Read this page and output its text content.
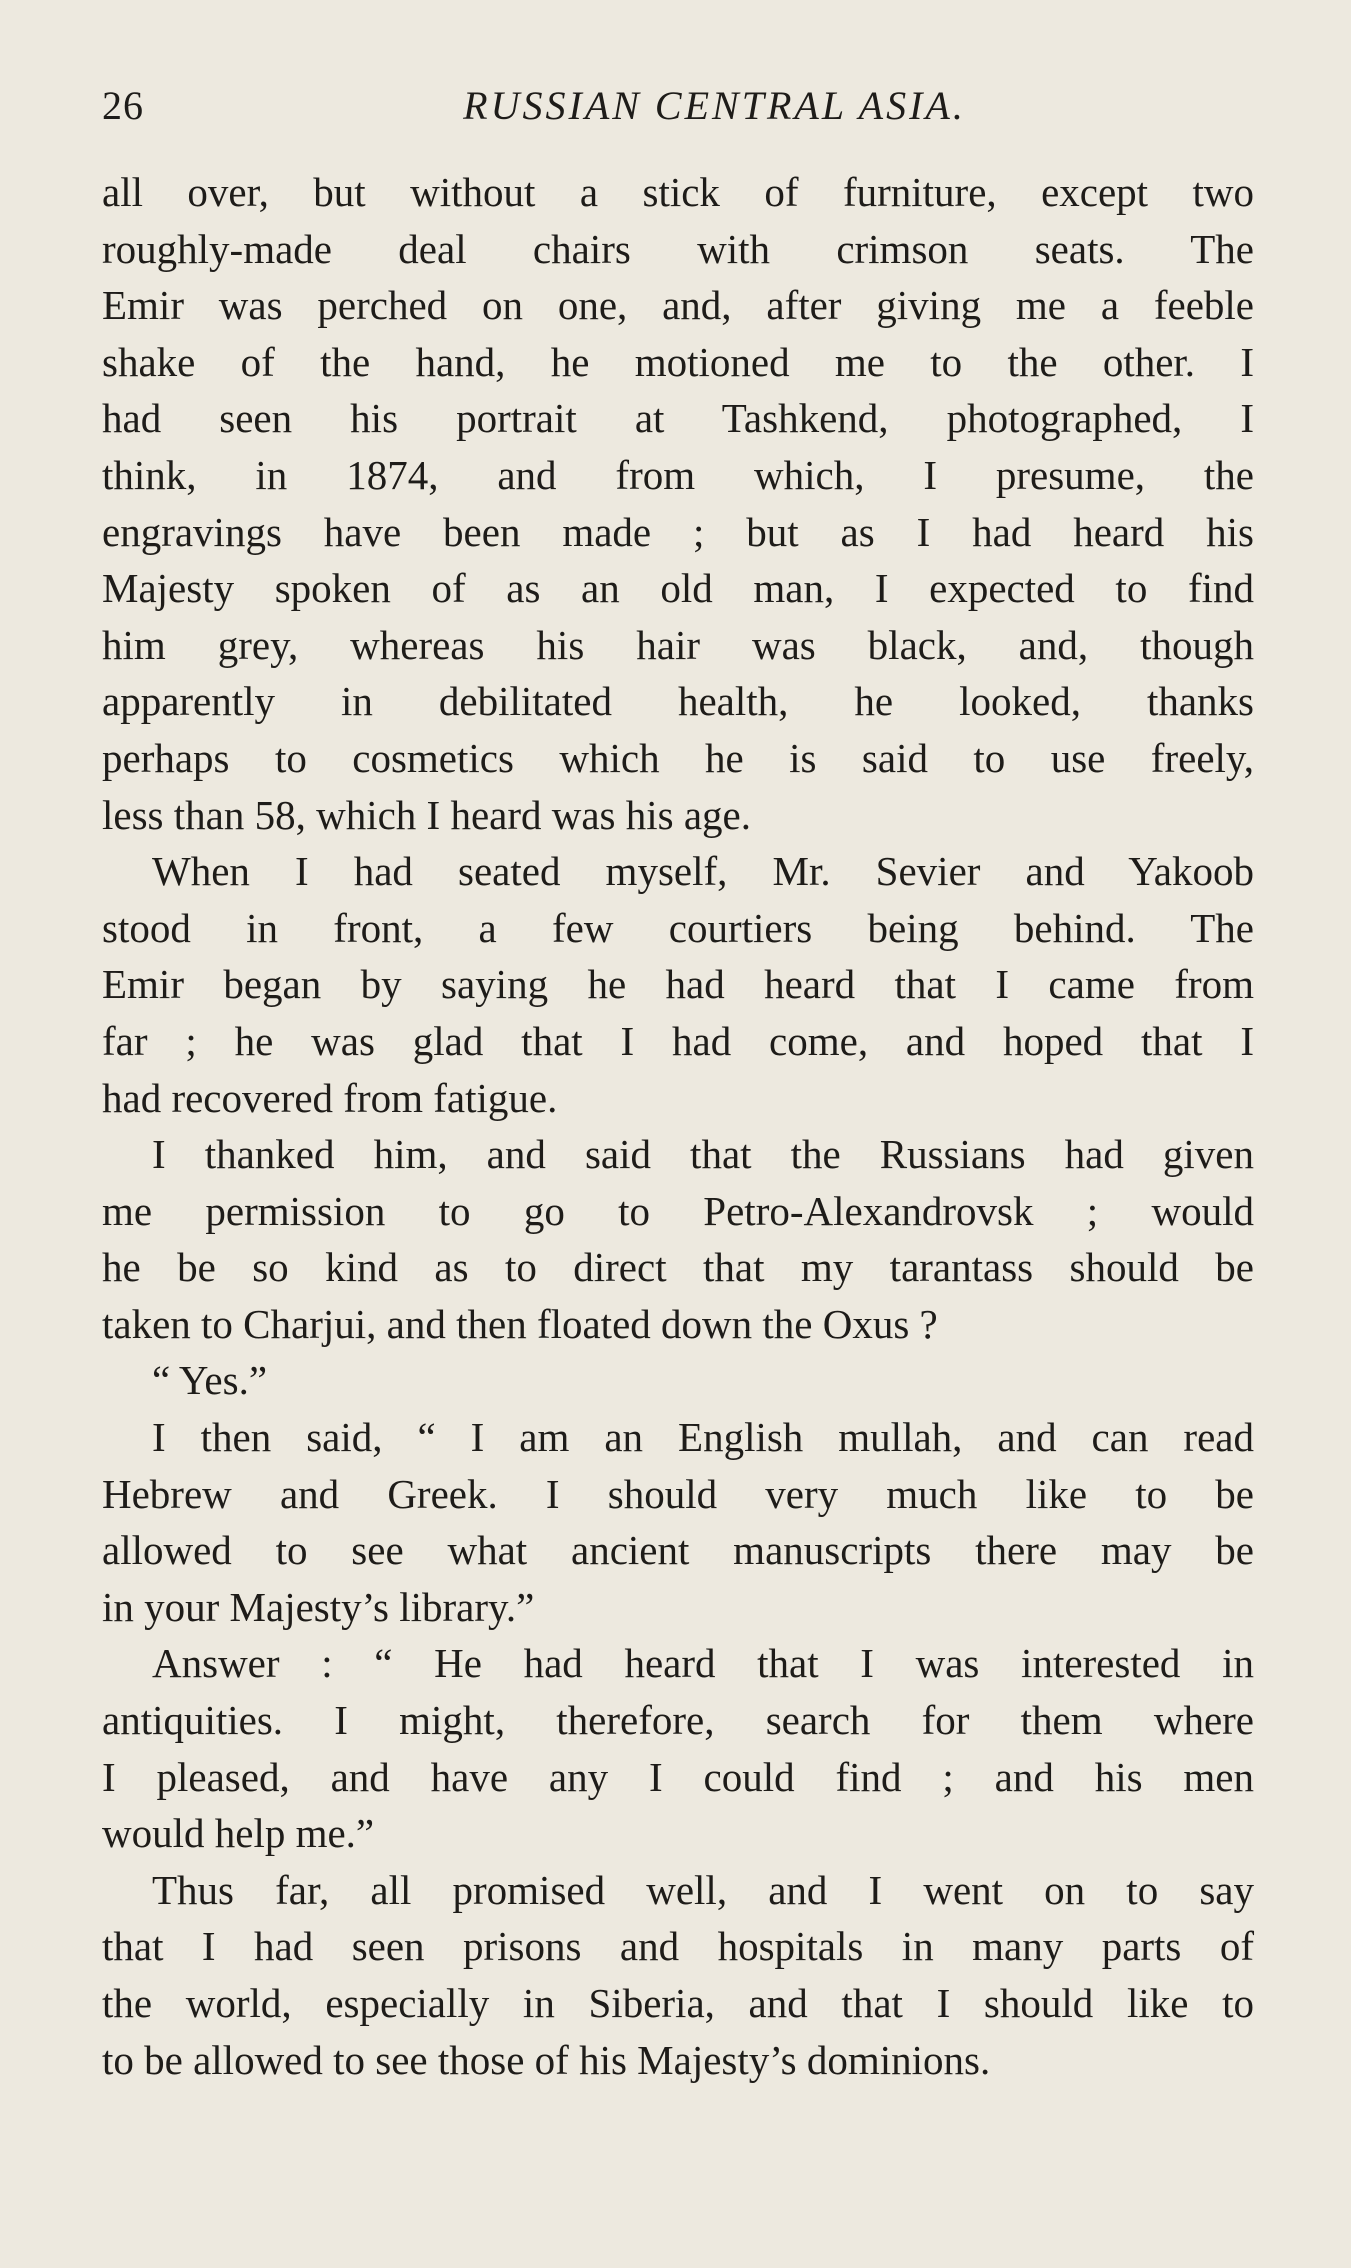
26	RUSSIAN CENTRAL ASIA.
all over, but without a stick of furniture, except two
roughly-made deal chairs with crimson seats. The
Emir was perched on one, and, after giving me a feeble
shake of the hand, he motioned me to the other. I
had seen his portrait at Tashkend, photographed, I
think, in 1874, and from which, I presume, the
engravings have been made ; but as I had heard his
Majesty spoken of as an old man, I expected to find
him grey, whereas his hair was black, and, though
apparently in debilitated health, he looked, thanks
perhaps to cosmetics which he is said to use freely,
less than 58, which I heard was his age.
When I had seated myself, Mr. Sevier and Yakoob
stood in front, a few courtiers being behind. The
Emir began by saying he had heard that I came from
far ; he was glad that I had come, and hoped that I
had recovered from fatigue.
I thanked him, and said that the Russians had given
me permission to go to Petro-Alexandrovsk ; would
he be so kind as to direct that my tarantass should be
taken to Charjui, and then floated down the Oxus ?
“ Yes.”
I then said, “ I am an English mullah, and can read
Hebrew and Greek. I should very much like to be
allowed to see what ancient manuscripts there may be
in your Majesty’s library.”
Answer : “ He had heard that I was interested in
antiquities. I might, therefore, search for them where
I pleased, and have any I could find ; and his men
would help me.”
Thus far, all promised well, and I went on to say
that I had seen prisons and hospitals in many parts of
the world, especially in Siberia, and that I should like to
to be allowed to see those of his Majesty’s dominions.
